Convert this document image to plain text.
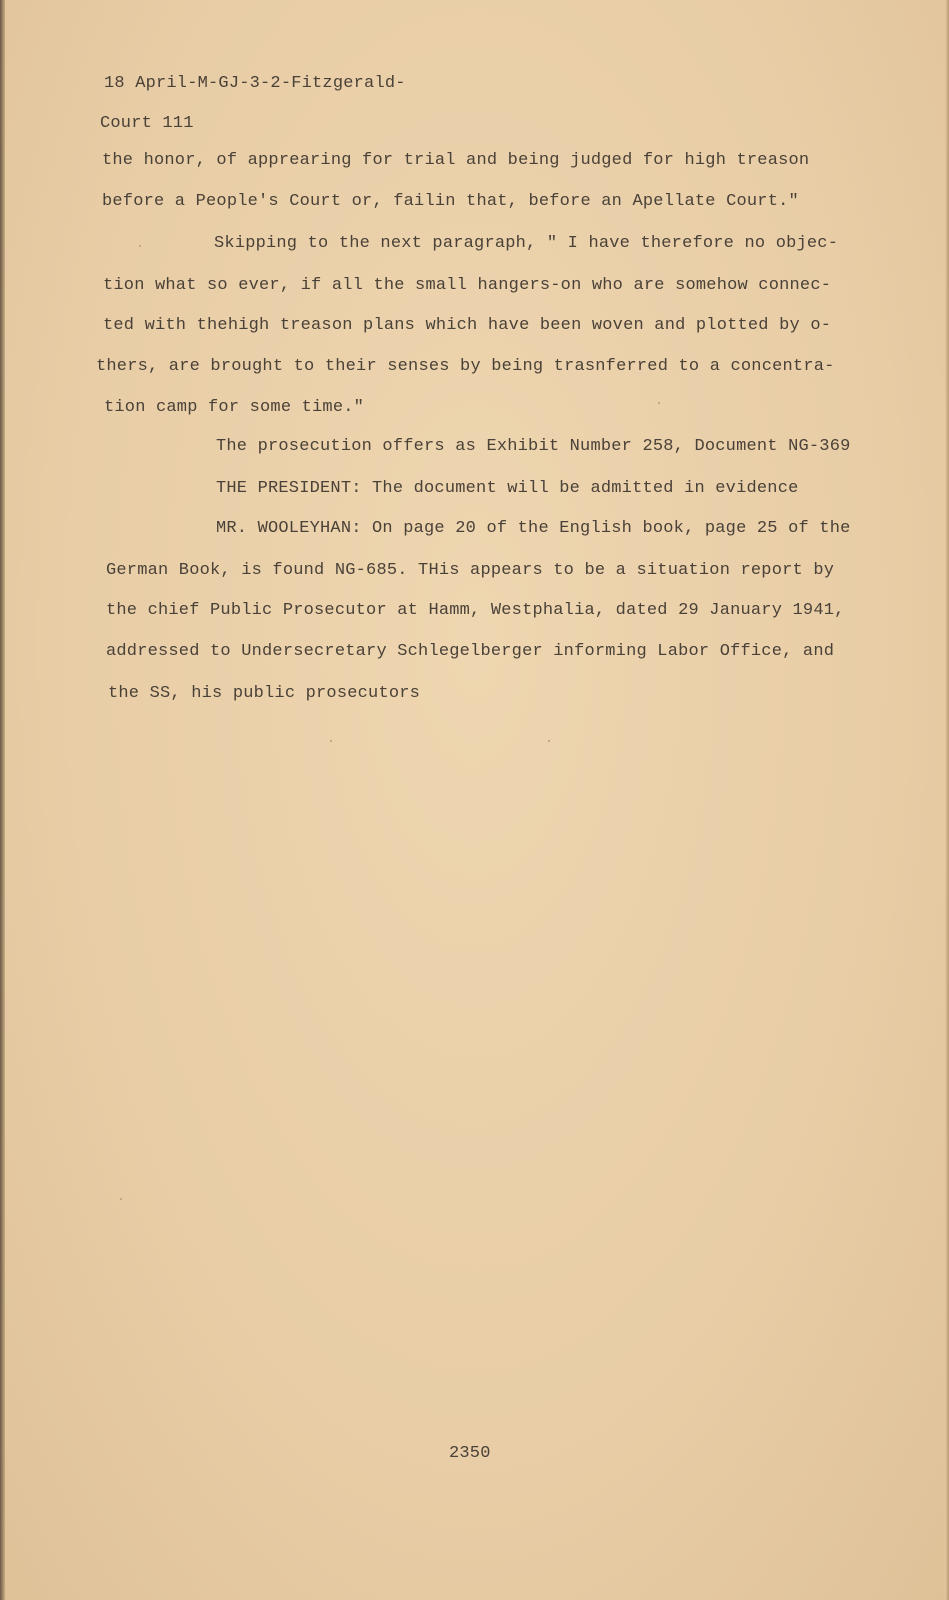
18 April-M-GJ-3-2-Fitzgerald-
Court 111
the honor, of apprearing for trial and being judged for high treason
before a People's Court or, failin that, before an Apellate Court."
Skipping to the next paragraph, " I have therefore no objec-
tion what so ever, if all the small hangers-on who are somehow connec-
ted with thehigh treason plans which have been woven and plotted by o-
thers, are brought to their senses by being trasnferred to a concentra-
tion camp for some time."
The prosecution offers as Exhibit Number 258, Document NG-369
THE PRESIDENT: The document will be admitted in evidence
MR. WOOLEYHAN: On page 20 of the English book, page 25 of the
German Book, is found NG-685. THis appears to be a situation report by
the chief Public Prosecutor at Hamm, Westphalia, dated 29 January 1941,
addressed to Undersecretary Schlegelberger informing Labor Office, and
the SS, his public prosecutors
2350
